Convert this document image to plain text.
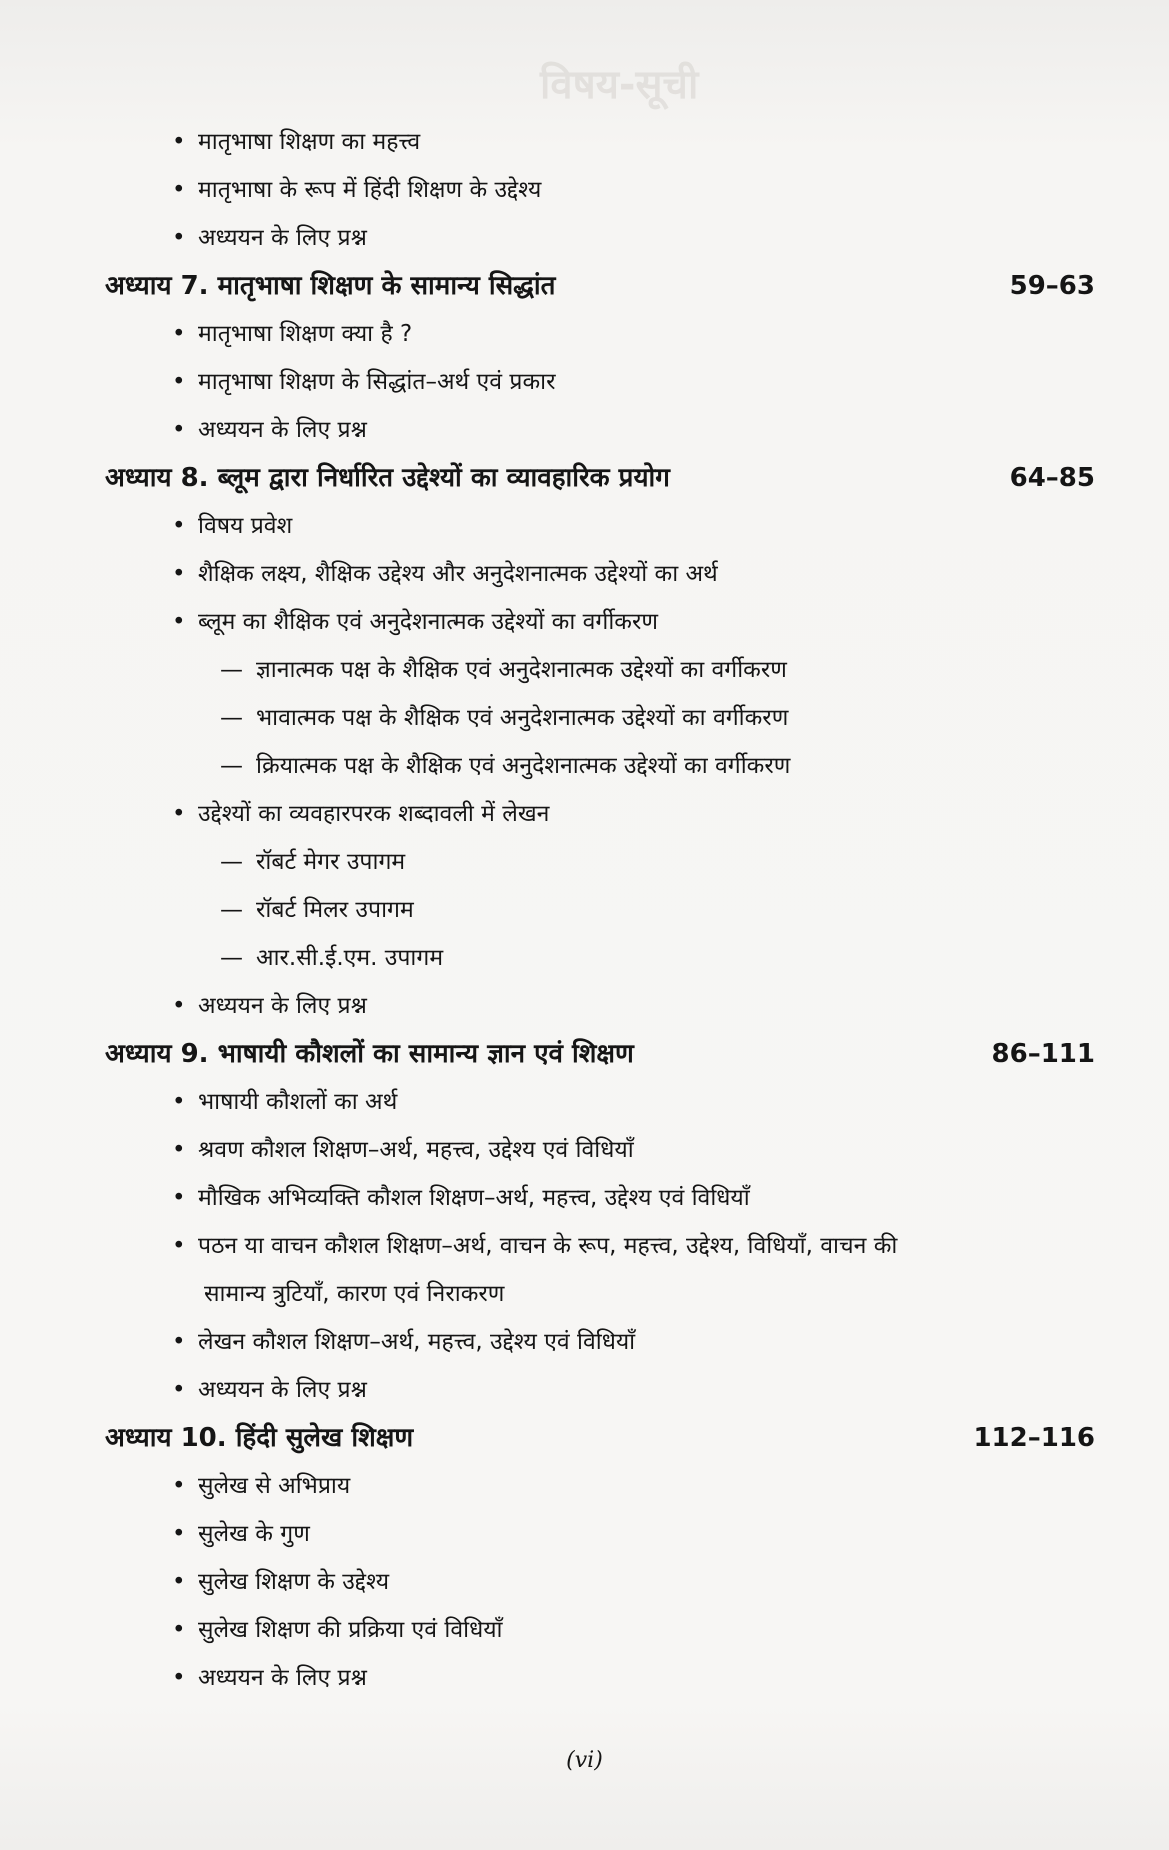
विषय-सूची
• मातृभाषा शिक्षण का महत्त्व
• मातृभाषा के रूप में हिंदी शिक्षण के उद्देश्य
• अध्ययन के लिए प्रश्न
अध्याय 7. मातृभाषा शिक्षण के सामान्य सिद्धांत	59–63
• मातृभाषा शिक्षण क्या है ?
• मातृभाषा शिक्षण के सिद्धांत–अर्थ एवं प्रकार
• अध्ययन के लिए प्रश्न
अध्याय 8. ब्लूम द्वारा निर्धारित उद्देश्यों का व्यावहारिक प्रयोग	64–85
• विषय प्रवेश
• शैक्षिक लक्ष्य, शैक्षिक उद्देश्य और अनुदेशनात्मक उद्देश्यों का अर्थ
• ब्लूम का शैक्षिक एवं अनुदेशनात्मक उद्देश्यों का वर्गीकरण
— ज्ञानात्मक पक्ष के शैक्षिक एवं अनुदेशनात्मक उद्देश्यों का वर्गीकरण
— भावात्मक पक्ष के शैक्षिक एवं अनुदेशनात्मक उद्देश्यों का वर्गीकरण
— क्रियात्मक पक्ष के शैक्षिक एवं अनुदेशनात्मक उद्देश्यों का वर्गीकरण
• उद्देश्यों का व्यवहारपरक शब्दावली में लेखन
— रॉबर्ट मेगर उपागम
— रॉबर्ट मिलर उपागम
— आर.सी.ई.एम. उपागम
• अध्ययन के लिए प्रश्न
अध्याय 9. भाषायी कौशलों का सामान्य ज्ञान एवं शिक्षण	86–111
• भाषायी कौशलों का अर्थ
• श्रवण कौशल शिक्षण–अर्थ, महत्त्व, उद्देश्य एवं विधियाँ
• मौखिक अभिव्यक्ति कौशल शिक्षण–अर्थ, महत्त्व, उद्देश्य एवं विधियाँ
• पठन या वाचन कौशल शिक्षण–अर्थ, वाचन के रूप, महत्त्व, उद्देश्य, विधियाँ, वाचन की
सामान्य त्रुटियाँ, कारण एवं निराकरण
• लेखन कौशल शिक्षण–अर्थ, महत्त्व, उद्देश्य एवं विधियाँ
• अध्ययन के लिए प्रश्न
अध्याय 10. हिंदी सुलेख शिक्षण	112–116
• सुलेख से अभिप्राय
• सुलेख के गुण
• सुलेख शिक्षण के उद्देश्य
• सुलेख शिक्षण की प्रक्रिया एवं विधियाँ
• अध्ययन के लिए प्रश्न
(vi)
